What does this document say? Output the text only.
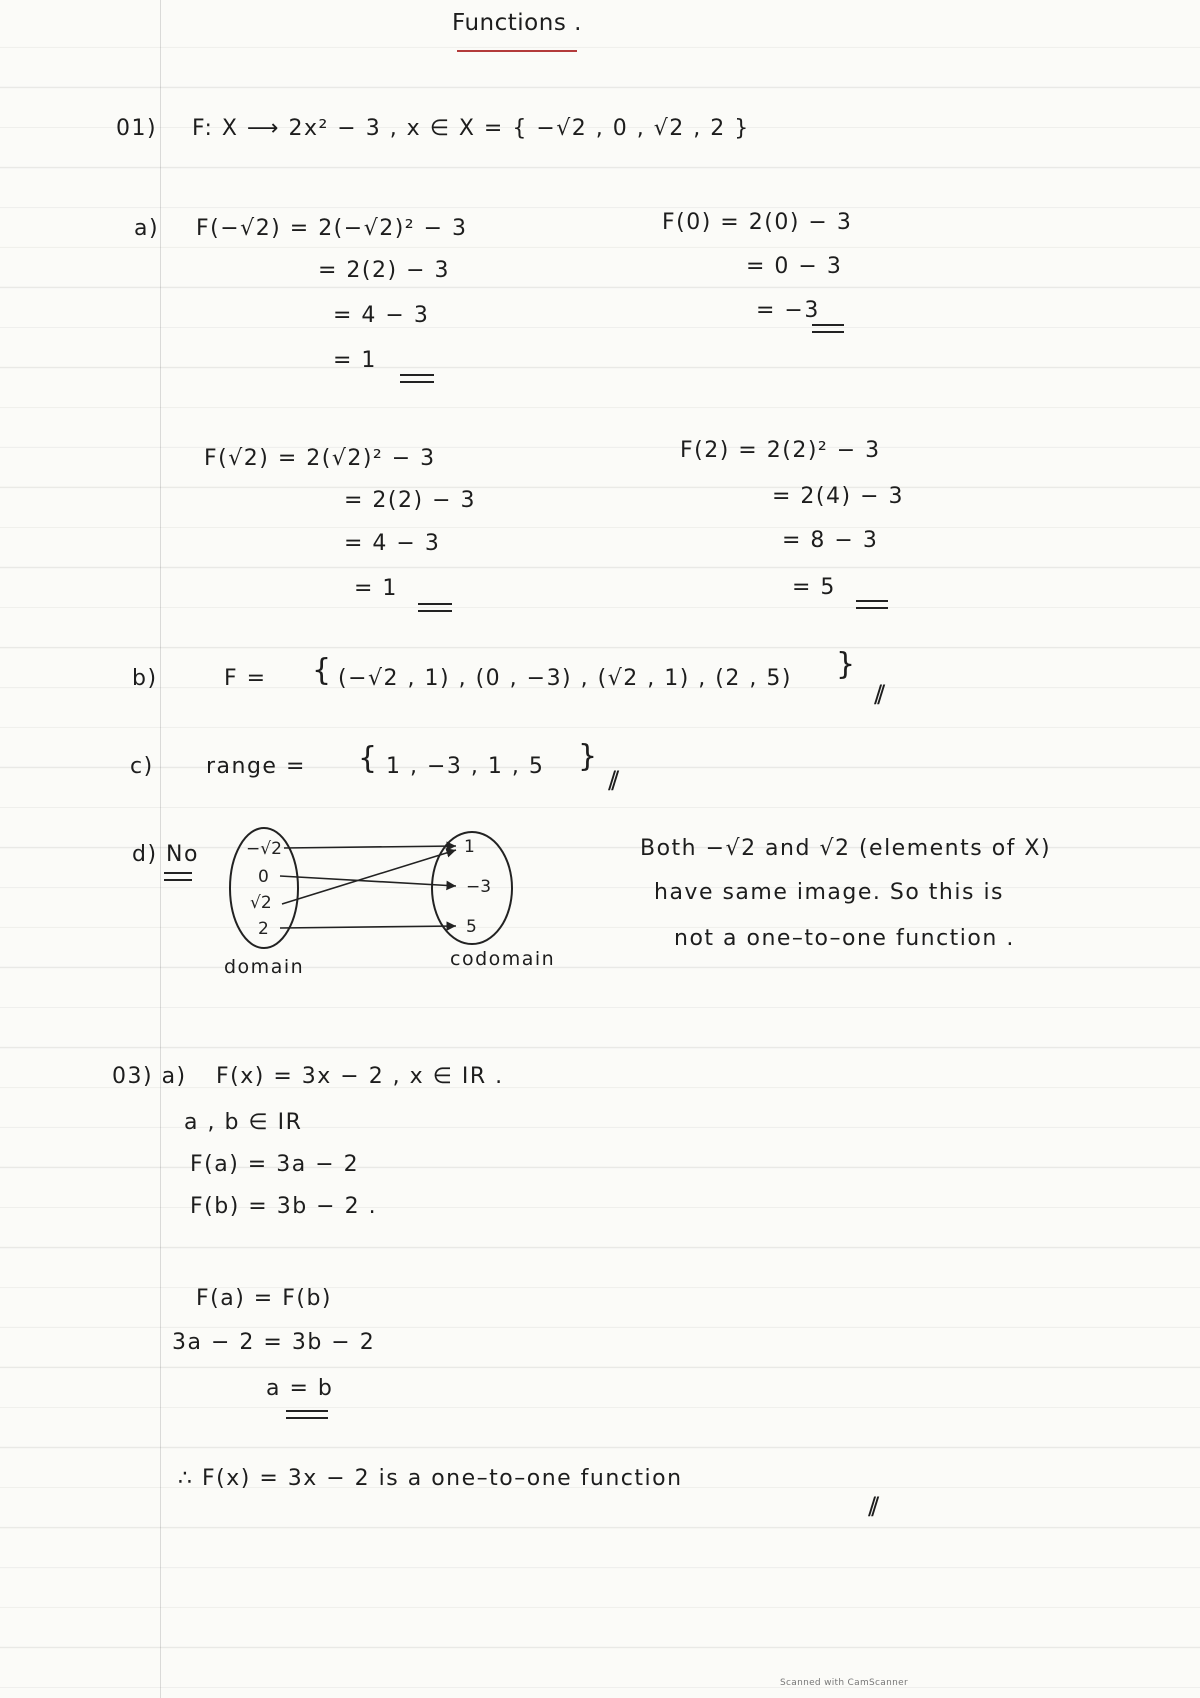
Functions .
01) F: X ⟶ 2x² − 3 , x ∈ X = { −√2 , 0 , √2 , 2 }
a) F(−√2) = 2(−√2)² − 3
= 2(2) − 3
= 4 − 3
= 1
F(0) = 2(0) − 3
= 0 − 3
= −3
F(√2) = 2(√2)² − 3
= 2(2) − 3
= 4 − 3
= 1
F(2) = 2(2)² − 3
= 2(4) − 3
= 8 − 3
= 5
b)	F = { (−√2 , 1) , (0 , −3) , (√2 , 1) , (2 , 5) }
//
c) range = { 1 , −3 , 1 , 5 }
//
d) No	−√2
0
√2
2
1
−3
5
domain	codomain
Both −√2 and √2 (elements of X)
have same image. So this is
not a one–to–one function .
03) a) F(x) = 3x − 2 , x ∈ IR .
a , b ∈ IR
F(a) = 3a − 2
F(b) = 3b − 2 .
F(a) = F(b)
3a − 2 = 3b − 2
a = b
∴ F(x) = 3x − 2 is a one–to–one function
//
Scanned with CamScanner
